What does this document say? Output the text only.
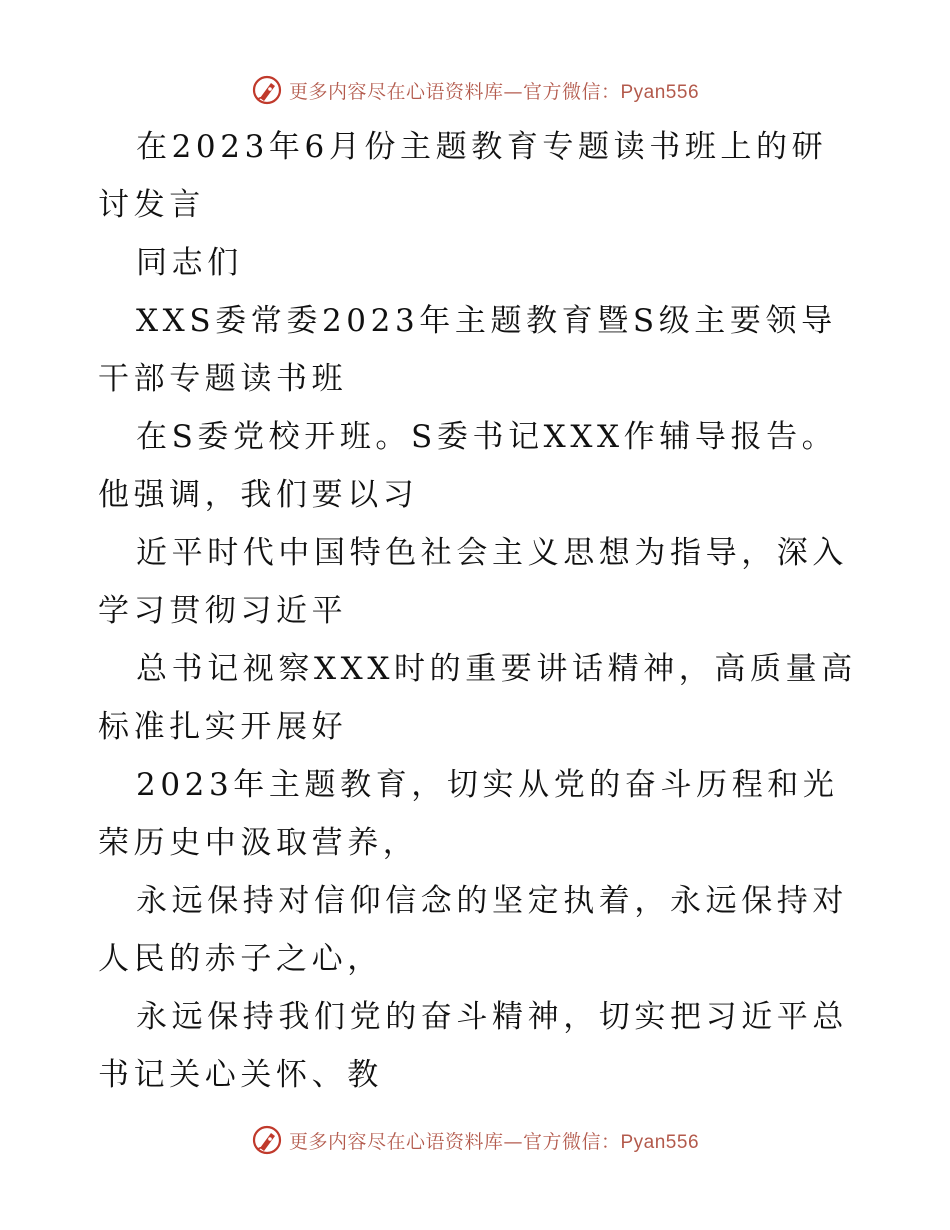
更多内容尽在心语资料库—官方微信：Pyan556

在2023年6月份主题教育专题读书班上的研讨发言

同志们

XXS委常委2023年主题教育暨S级主要领导干部专题读书班

在S委党校开班。S委书记XXX作辅导报告。他强调，我们要以习

近平时代中国特色社会主义思想为指导，深入学习贯彻习近平

总书记视察XXX时的重要讲话精神，高质量高标准扎实开展好

2023年主题教育，切实从党的奋斗历程和光荣历史中汲取营养，

永远保持对信仰信念的坚定执着，永远保持对人民的赤子之心，

永远保持我们党的奋斗精神，切实把习近平总书记关心关怀、教

更多内容尽在心语资料库—官方微信：Pyan556
